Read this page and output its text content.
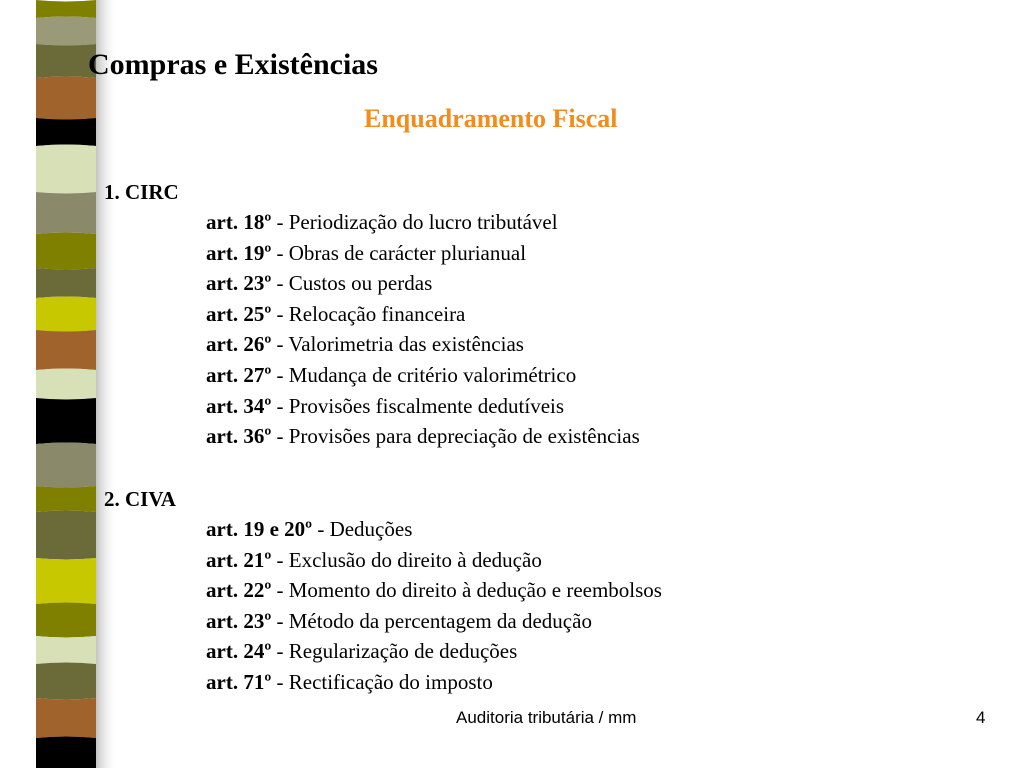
Compras e Existências
Enquadramento Fiscal
1. CIRC
art. 18º - Periodização do lucro tributável
art. 19º - Obras de carácter plurianual
art. 23º - Custos ou perdas
art. 25º - Relocação financeira
art. 26º - Valorimetria das existências
art. 27º - Mudança de critério valorimétrico
art. 34º - Provisões fiscalmente dedutíveis
art. 36º - Provisões para depreciação de existências
2. CIVA
art. 19 e 20º - Deduções
art. 21º - Exclusão do direito à dedução
art. 22º - Momento do direito à dedução e reembolsos
art. 23º - Método da percentagem da dedução
art. 24º - Regularização de deduções
art. 71º - Rectificação do imposto
Auditoria tributária / mm	4
